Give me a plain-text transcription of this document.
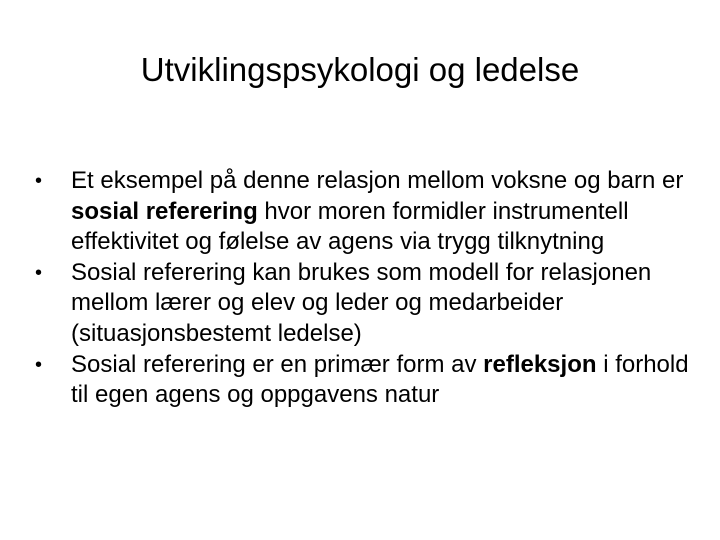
Utviklingspsykologi og ledelse
• Et eksempel på denne relasjon mellom voksne og barn er sosial referering hvor moren formidler instrumentell effektivitet og følelse av agens via trygg tilknytning
• Sosial referering kan brukes som modell for relasjonen mellom lærer og elev og leder og medarbeider (situasjonsbestemt ledelse)
• Sosial referering er en primær form av refleksjon i forhold til egen agens og oppgavens natur
